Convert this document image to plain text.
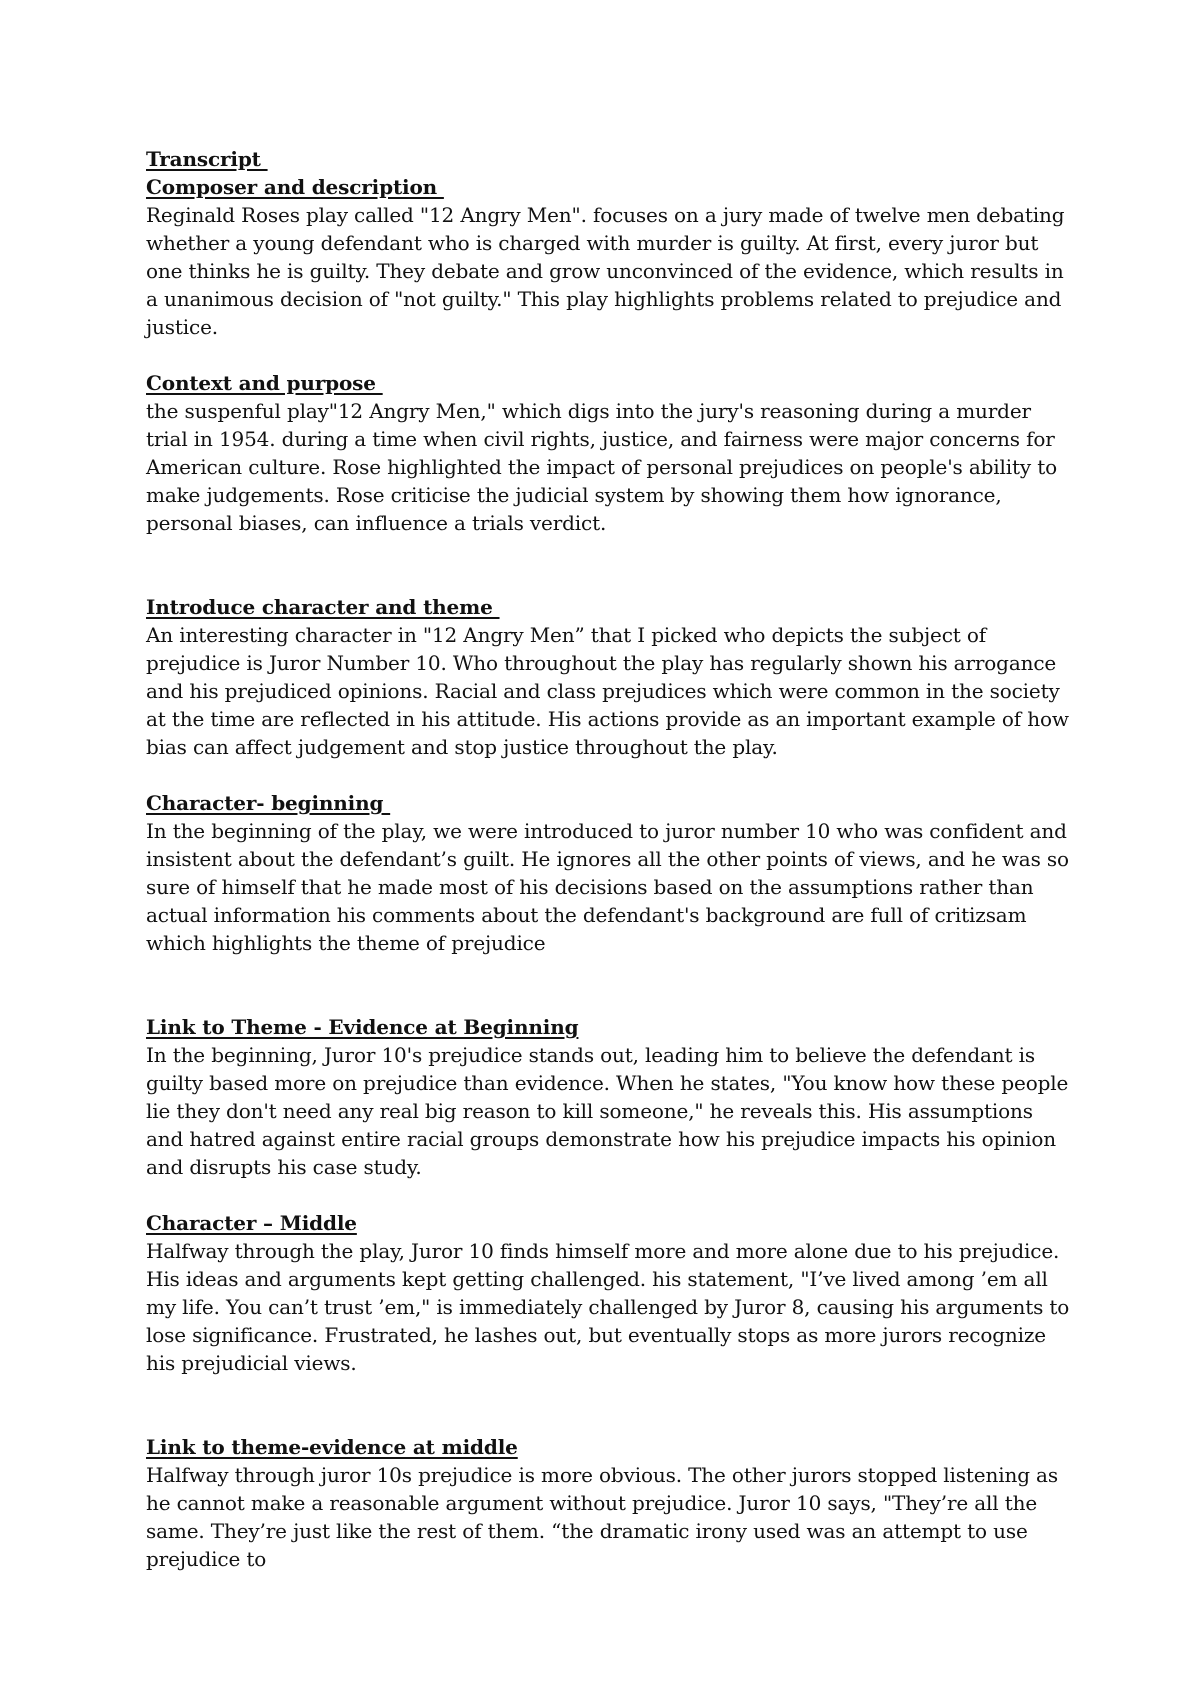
Transcript
Composer and description

Reginald Roses play called "12 Angry Men". focuses on a jury made of twelve men debating whether a young defendant who is charged with murder is guilty. At first, every juror but one thinks he is guilty. They debate and grow unconvinced of the evidence, which results in a unanimous decision of "not guilty." This play highlights problems related to prejudice and justice.

Context and purpose

the suspenful play"12 Angry Men," which digs into the jury's reasoning during a murder trial in 1954. during a time when civil rights, justice, and fairness were major concerns for American culture. Rose highlighted the impact of personal prejudices on people's ability to make judgements. Rose criticise the judicial system by showing them how ignorance, personal biases, can influence a trials verdict.

Introduce character and theme

An interesting character in "12 Angry Men” that I picked who depicts the subject of prejudice is Juror Number 10. Who throughout the play has regularly shown his arrogance and his prejudiced opinions. Racial and class prejudices which were common in the society at the time are reflected in his attitude. His actions provide as an important example of how bias can affect judgement and stop justice throughout the play.

Character- beginning

In the beginning of the play, we were introduced to juror number 10 who was confident and insistent about the defendant’s guilt. He ignores all the other points of views, and he was so sure of himself that he made most of his decisions based on the assumptions rather than actual information his comments about the defendant's background are full of critizsam which highlights the theme of prejudice

Link to Theme - Evidence at Beginning

In the beginning, Juror 10's prejudice stands out, leading him to believe the defendant is guilty based more on prejudice than evidence. When he states, "You know how these people lie they don't need any real big reason to kill someone," he reveals this. His assumptions and hatred against entire racial groups demonstrate how his prejudice impacts his opinion and disrupts his case study.

Character – Middle

Halfway through the play, Juror 10 finds himself more and more alone due to his prejudice. His ideas and arguments kept getting challenged. his statement, "I’ve lived among ’em all my life. You can’t trust ’em," is immediately challenged by Juror 8, causing his arguments to lose significance. Frustrated, he lashes out, but eventually stops as more jurors recognize his prejudicial views.

Link to theme-evidence at middle

Halfway through juror 10s prejudice is more obvious. The other jurors stopped listening as he cannot make a reasonable argument without prejudice. Juror 10 says, "They’re all the same. They’re just like the rest of them. “the dramatic irony used was an attempt to use prejudice to
